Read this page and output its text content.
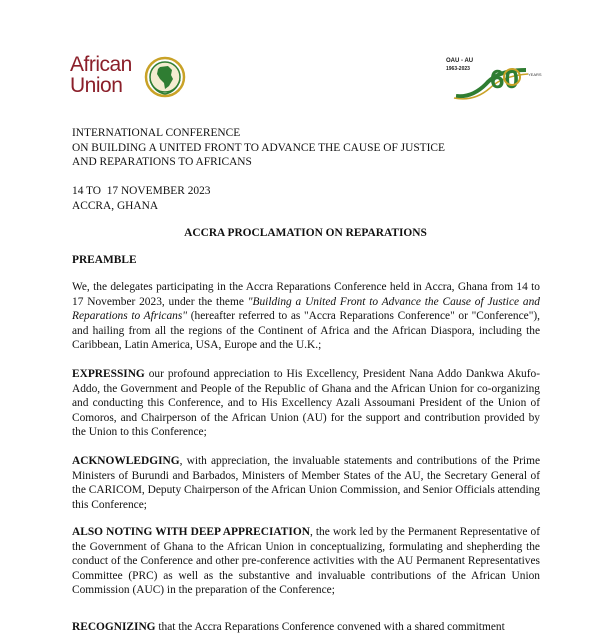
African
Union
OAU - AU
1963-2023 60 YEARS
INTERNATIONAL CONFERENCE
ON BUILDING A UNITED FRONT TO ADVANCE THE CAUSE OF JUSTICE
AND REPARATIONS TO AFRICANS
14 TO  17 NOVEMBER 2023
ACCRA, GHANA
ACCRA PROCLAMATION ON REPARATIONS
PREAMBLE
We, the delegates participating in the Accra Reparations Conference held in Accra, Ghana from 14 to 17 November 2023, under the theme "Building a United Front to Advance the Cause of Justice and Reparations to Africans" (hereafter referred to as "Accra Reparations Conference" or "Conference"), and hailing from all the regions of the Continent of Africa and the African Diaspora, including the Caribbean, Latin America, USA, Europe and the U.K.;
EXPRESSING our profound appreciation to His Excellency, President Nana Addo Dankwa Akufo-Addo, the Government and People of the Republic of Ghana and the African Union for co-organizing and conducting this Conference, and to His Excellency Azali Assoumani President of the Union of Comoros, and Chairperson of the African Union (AU) for the support and contribution provided by the Union to this Conference;
ACKNOWLEDGING, with appreciation, the invaluable statements and contributions of the Prime Ministers of Burundi and Barbados, Ministers of Member States of the AU, the Secretary General of the CARICOM, Deputy Chairperson of the African Union Commission, and Senior Officials attending this Conference;
ALSO NOTING WITH DEEP APPRECIATION, the work led by the Permanent Representative of the Government of Ghana to the African Union in conceptualizing, formulating and shepherding the conduct of the Conference and other pre-conference activities with the AU Permanent Representatives Committee (PRC) as well as the substantive and invaluable contributions of the African Union Commission (AUC) in the preparation of the Conference;
RECOGNIZING that the Accra Reparations Conference convened with a shared commitment
